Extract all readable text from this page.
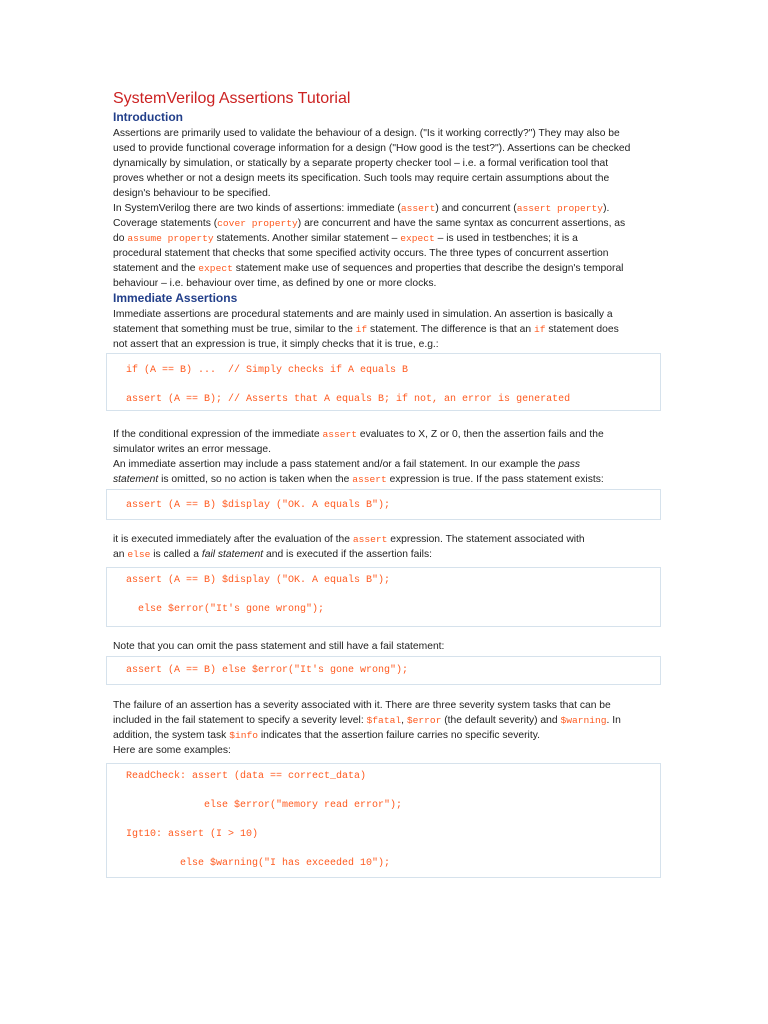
SystemVerilog Assertions Tutorial
Introduction
Assertions are primarily used to validate the behaviour of a design. ("Is it working correctly?") They may also be
used to provide functional coverage information for a design ("How good is the test?"). Assertions can be checked
dynamically by simulation, or statically by a separate property checker tool – i.e. a formal verification tool that
proves whether or not a design meets its specification. Such tools may require certain assumptions about the
design's behaviour to be specified.
In SystemVerilog there are two kinds of assertions: immediate (assert) and concurrent (assert property).
Coverage statements (cover property) are concurrent and have the same syntax as concurrent assertions, as
do assume property statements. Another similar statement – expect – is used in testbenches; it is a
procedural statement that checks that some specified activity occurs. The three types of concurrent assertion
statement and the expect statement make use of sequences and properties that describe the design's temporal
behaviour – i.e. behaviour over time, as defined by one or more clocks.
Immediate Assertions
Immediate assertions are procedural statements and are mainly used in simulation. An assertion is basically a
statement that something must be true, similar to the if statement. The difference is that an if statement does
not assert that an expression is true, it simply checks that it is true, e.g.:
if (A == B) ...  // Simply checks if A equals B
assert (A == B); // Asserts that A equals B; if not, an error is generated
If the conditional expression of the immediate assert evaluates to X, Z or 0, then the assertion fails and the
simulator writes an error message.
An immediate assertion may include a pass statement and/or a fail statement. In our example the pass
statement is omitted, so no action is taken when the assert expression is true. If the pass statement exists:
assert (A == B) $display ("OK. A equals B");
it is executed immediately after the evaluation of the assert expression. The statement associated with
an else is called a fail statement and is executed if the assertion fails:
assert (A == B) $display ("OK. A equals B");
else $error("It's gone wrong");
Note that you can omit the pass statement and still have a fail statement:
assert (A == B) else $error("It's gone wrong");
The failure of an assertion has a severity associated with it. There are three severity system tasks that can be
included in the fail statement to specify a severity level: $fatal, $error (the default severity) and $warning. In
addition, the system task $info indicates that the assertion failure carries no specific severity.
Here are some examples:
ReadCheck: assert (data == correct_data)
else $error("memory read error");
Igt10: assert (I > 10)
else $warning("I has exceeded 10");
